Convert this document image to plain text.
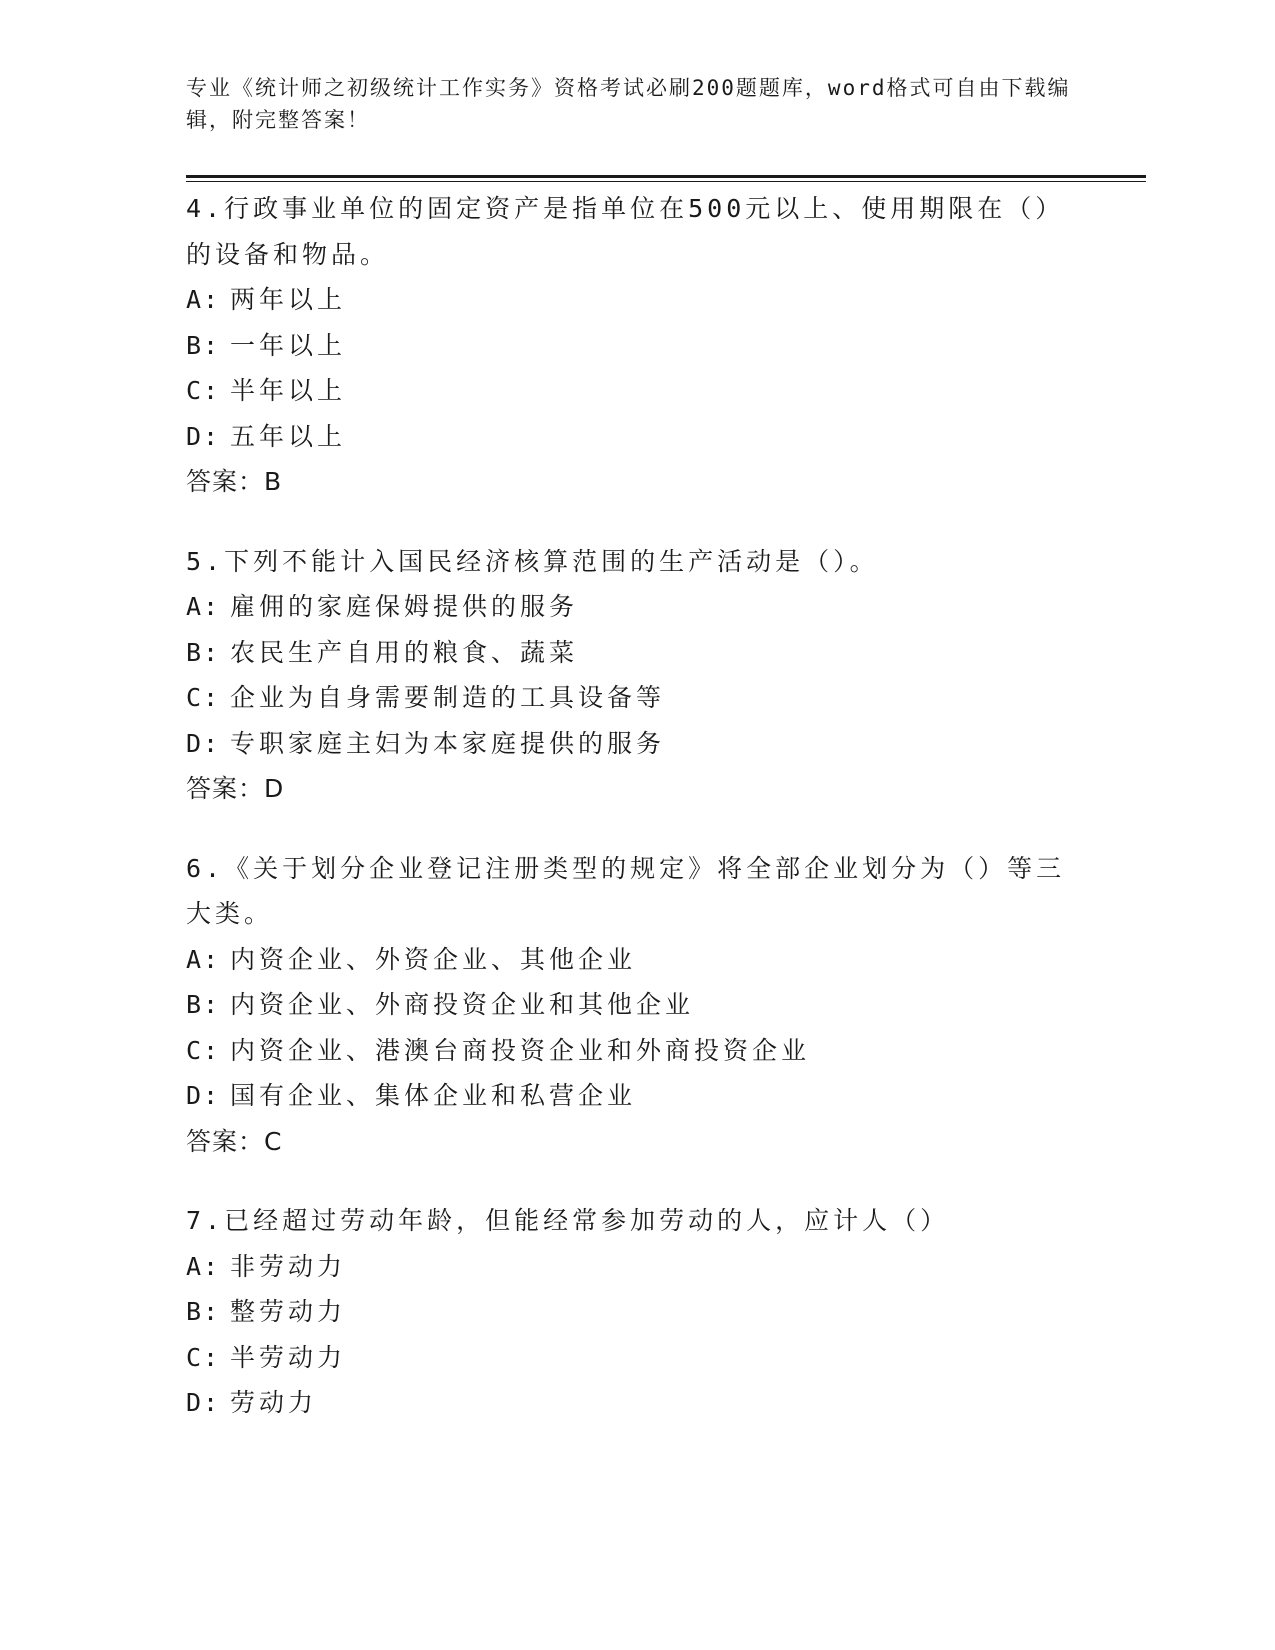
专业《统计师之初级统计工作实务》资格考试必刷200题题库，word格式可自由下载编辑，附完整答案！
4.行政事业单位的固定资产是指单位在500元以上、使用期限在（）的设备和物品。
A: 两年以上
B: 一年以上
C: 半年以上
D: 五年以上
答案：B
5.下列不能计入国民经济核算范围的生产活动是（）。
A: 雇佣的家庭保姆提供的服务
B: 农民生产自用的粮食、蔬菜
C: 企业为自身需要制造的工具设备等
D: 专职家庭主妇为本家庭提供的服务
答案：D
6.《关于划分企业登记注册类型的规定》将全部企业划分为（）等三大类。
A: 内资企业、外资企业、其他企业
B: 内资企业、外商投资企业和其他企业
C: 内资企业、港澳台商投资企业和外商投资企业
D: 国有企业、集体企业和私营企业
答案：C
7.已经超过劳动年龄，但能经常参加劳动的人，应计人（）
A: 非劳动力
B: 整劳动力
C: 半劳动力
D: 劳动力
